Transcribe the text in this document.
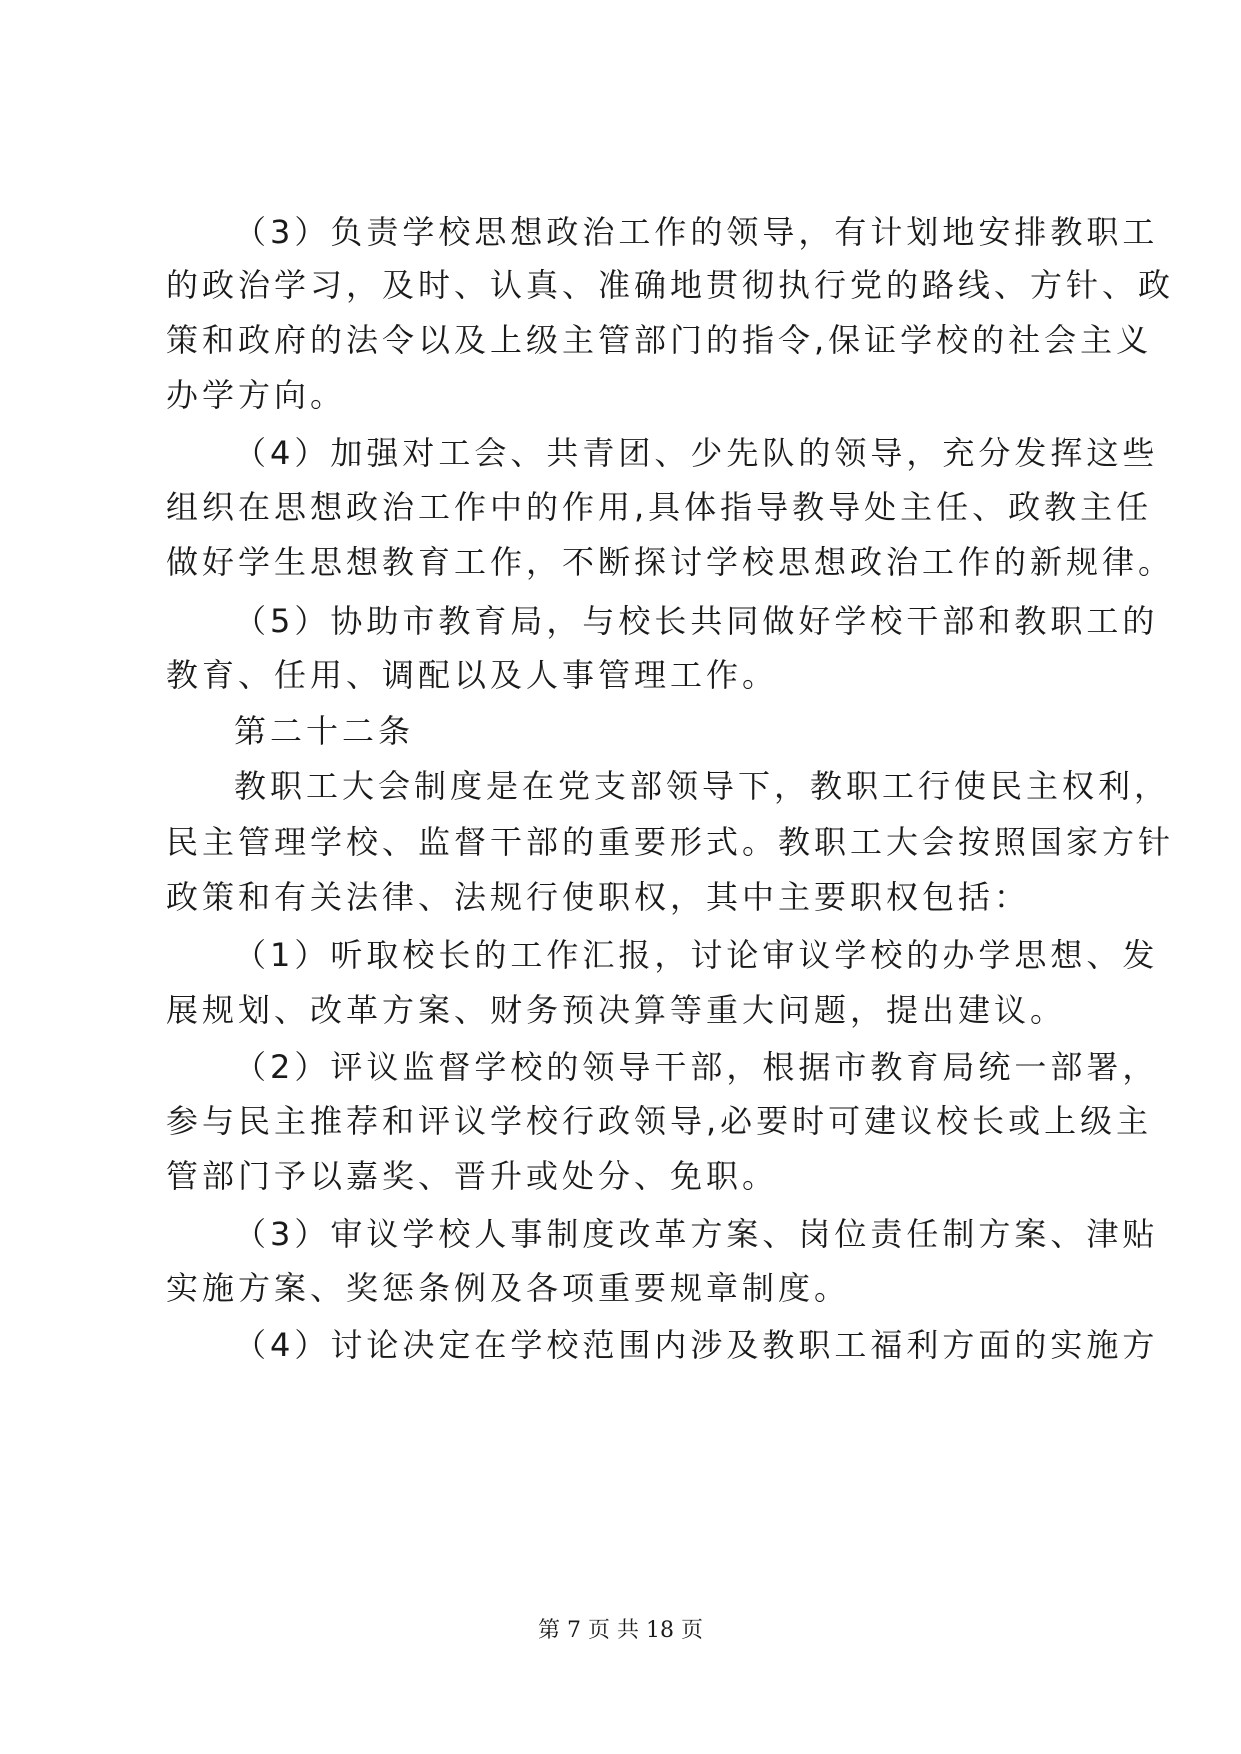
（3）负责学校思想政治工作的领导，有计划地安排教职工
的政治学习，及时、认真、准确地贯彻执行党的路线、方针、政
策和政府的法令以及上级主管部门的指令,保证学校的社会主义
办学方向。
（4）加强对工会、共青团、少先队的领导，充分发挥这些
组织在思想政治工作中的作用,具体指导教导处主任、政教主任
做好学生思想教育工作，不断探讨学校思想政治工作的新规律。
（5）协助市教育局，与校长共同做好学校干部和教职工的
教育、任用、调配以及人事管理工作。
第二十二条
教职工大会制度是在党支部领导下，教职工行使民主权利，
民主管理学校、监督干部的重要形式。教职工大会按照国家方针
政策和有关法律、法规行使职权，其中主要职权包括：
（1）听取校长的工作汇报，讨论审议学校的办学思想、发
展规划、改革方案、财务预决算等重大问题，提出建议。
（2）评议监督学校的领导干部，根据市教育局统一部署，
参与民主推荐和评议学校行政领导,必要时可建议校长或上级主
管部门予以嘉奖、晋升或处分、免职。
（3）审议学校人事制度改革方案、岗位责任制方案、津贴
实施方案、奖惩条例及各项重要规章制度。
（4）讨论决定在学校范围内涉及教职工福利方面的实施方
第 7 页 共 18 页
